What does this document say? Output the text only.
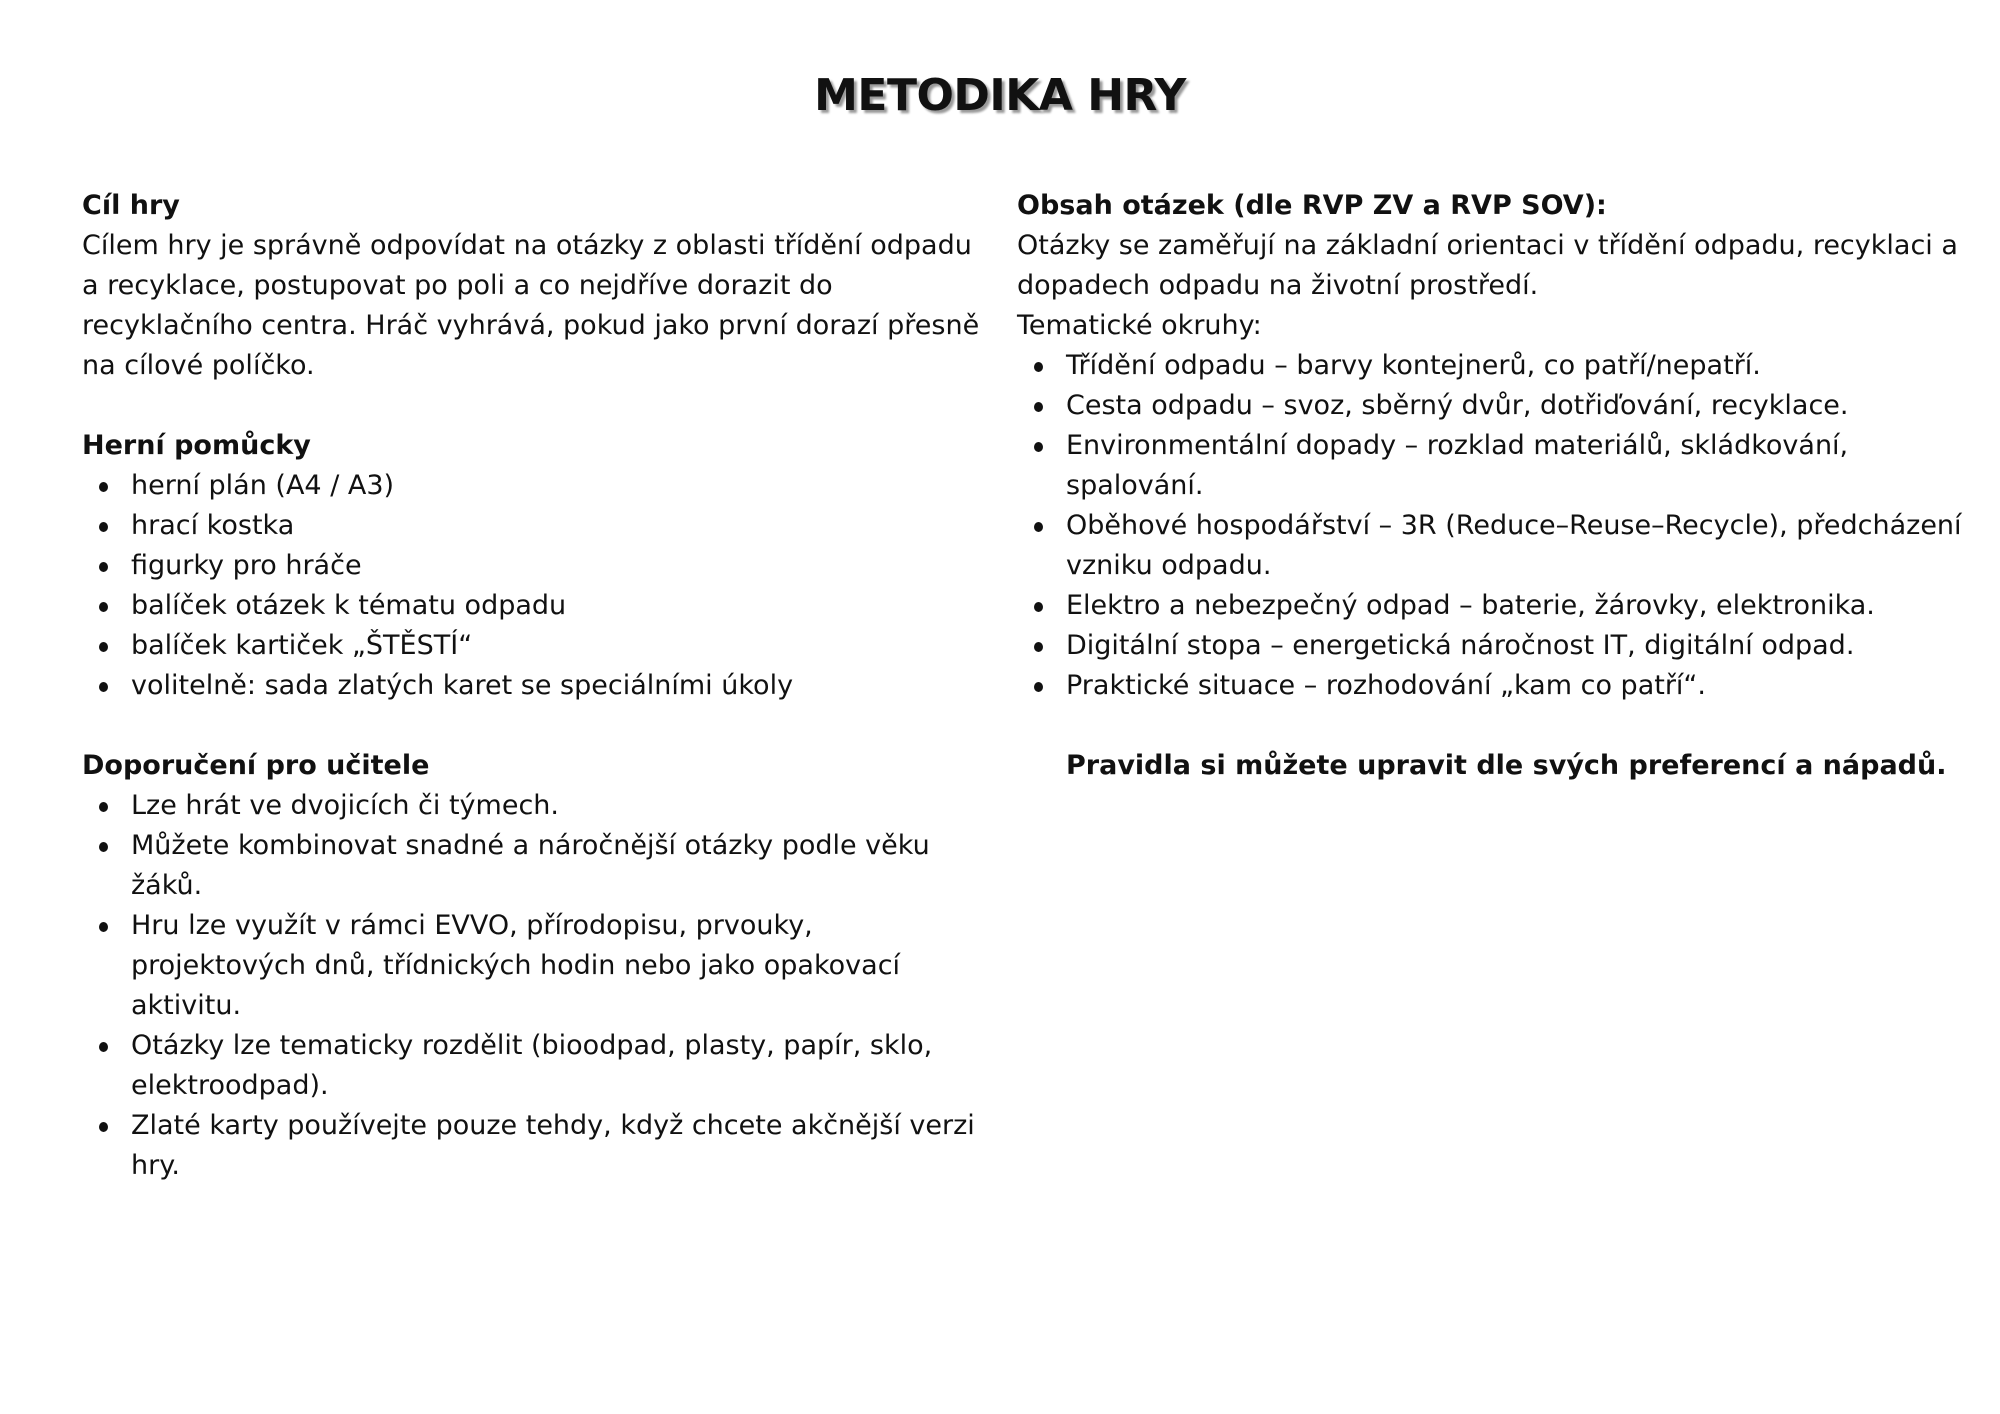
METODIKA HRY

Cíl hry

Cílem hry je správně odpovídat na otázky z oblasti třídění odpadu a recyklace, postupovat po poli a co nejdříve dorazit do recyklačního centra. Hráč vyhrává, pokud jako první dorazí přesně na cílové políčko.

Herní pomůcky

herní plán (A4 / A3)
hrací kostka
figurky pro hráče
balíček otázek k tématu odpadu
balíček kartiček „ŠTĚSTÍ“
volitelně: sada zlatých karet se speciálními úkoly

Doporučení pro učitele

Lze hrát ve dvojicích či týmech.
Můžete kombinovat snadné a náročnější otázky podle věku žáků.
Hru lze využít v rámci EVVO, přírodopisu, prvouky, projektových dnů, třídnických hodin nebo jako opakovací aktivitu.
Otázky lze tematicky rozdělit (bioodpad, plasty, papír, sklo, elektroodpad).
Zlaté karty používejte pouze tehdy, když chcete akčnější verzi hry.

Obsah otázek (dle RVP ZV a RVP SOV):

Otázky se zaměřují na základní orientaci v třídění odpadu, recyklaci a dopadech odpadu na životní prostředí.

Tematické okruhy:

Třídění odpadu – barvy kontejnerů, co patří/nepatří.
Cesta odpadu – svoz, sběrný dvůr, dotřiďování, recyklace.
Environmentální dopady – rozklad materiálů, skládkování, spalování.
Oběhové hospodářství – 3R (Reduce–Reuse–Recycle), předcházení vzniku odpadu.
Elektro a nebezpečný odpad – baterie, žárovky, elektronika.
Digitální stopa – energetická náročnost IT, digitální odpad.
Praktické situace – rozhodování „kam co patří“.

Pravidla si můžete upravit dle svých preferencí a nápadů.
